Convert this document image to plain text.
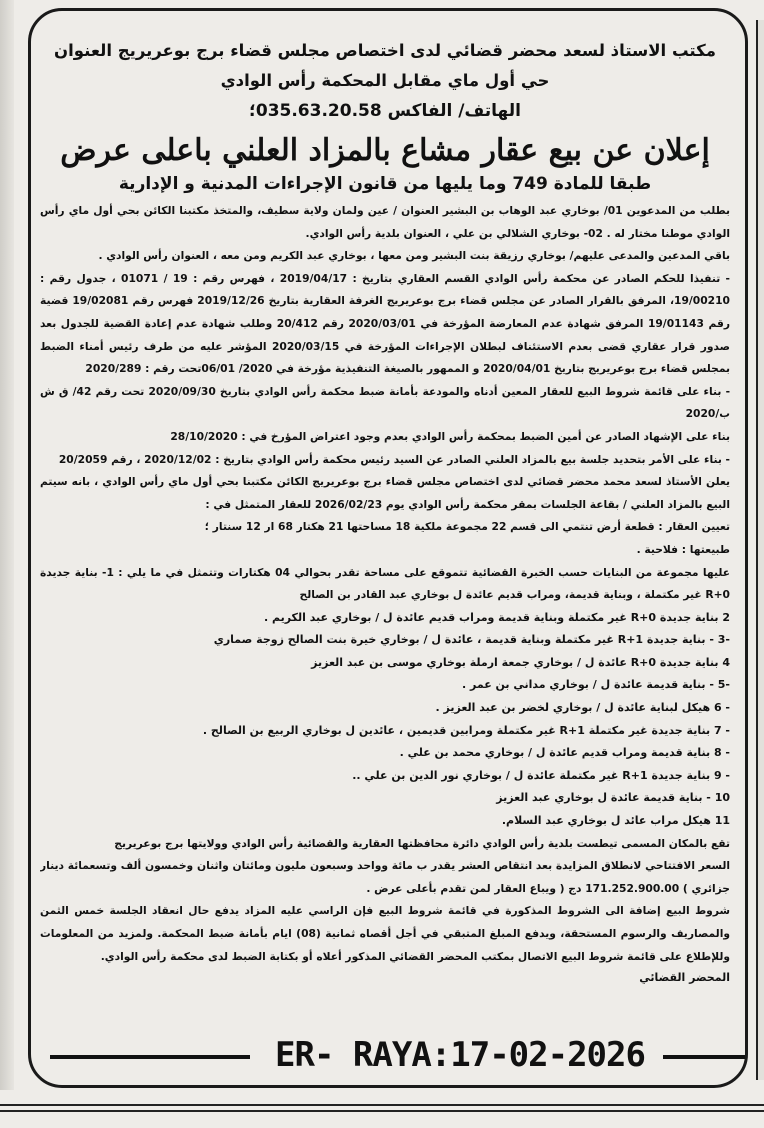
مكتب الاستاذ لسعد محضر قضائي لدى اختصاص مجلس قضاء برج بوعريريج العنوان
حي أول ماي مقابل المحكمة رأس الوادي
الهاتف/ الفاكس 035.63.20.58؛
إعلان عن بيع عقار مشاع بالمزاد العلني باعلى عرض
طبقا للمادة 749 وما يليها من قانون الإجراءات المدنية و الإدارية

بطلب من المدعوين 01/ بوخاري عبد الوهاب بن البشير العنوان / عين ولمان ولاية سطيف، والمتخذ مكتبنا الكائن بحي أول ماي رأس الوادي موطنا مختار له . 02- بوخاري الشلالي بن علي ، العنوان بلدية رأس الوادي.

باقي المدعين والمدعى عليهم/ بوخاري رزيقة بنت البشير ومن معها ، بوخاري عبد الكريم ومن معه ، العنوان رأس الوادي .

- تنفيذا للحكم الصادر عن محكمة رأس الوادي القسم العقاري بتاريخ : 2019/04/17 ، فهرس رقم : 19 / 01071 ، جدول رقم : 19/00210، المرفق بالقرار الصادر عن مجلس قضاء برج بوعريريج الغرفة العقارية بتاريخ 2019/12/26 فهرس رقم 19/02081 قضية رقم 19/01143 المرفق شهادة عدم المعارضة المؤرخة في 2020/03/01 رقم 20/412 وطلب شهادة عدم إعادة القضية للجدول بعد صدور قرار عقاري قضى بعدم الاستئناف لبطلان الإجراءات المؤرخة في 2020/03/15 المؤشر عليه من طرف رئيس أمناء الضبط بمجلس قضاء برج بوعريريج بتاريخ 2020/04/01 و الممهور بالصيغة التنفيذية مؤرخة في 2020/ 06/01تحت رقم : 2020/289

- بناء على قائمة شروط البيع للعقار المعين أدناه والمودعة بأمانة ضبط محكمة رأس الوادي بتاريخ 2020/09/30 تحت رقم 42/ ق ش ب/2020

بناء على الإشهاد الصادر عن أمين الضبط بمحكمة رأس الوادي بعدم وجود اعتراض المؤرخ في : 28/10/2020

- بناء على الأمر بتحديد جلسة بيع بالمزاد العلني الصادر عن السيد رئيس محكمة رأس الوادي بتاريخ : 2020/12/02 ، رقم 20/2059

يعلن الأستاذ لسعد محمد محضر قضائي لدى اختصاص مجلس قضاء برج بوعريريج الكائن مكتبنا بحي أول ماي رأس الوادي ، بانه سيتم البيع بالمزاد العلني / بقاعة الجلسات بمقر محكمة رأس الوادي يوم 2026/02/23 للعقار المتمثل في :

تعيين العقار : قطعة أرض تنتمي الى قسم 22 مجموعة ملكية 18 مساحتها 21 هكتار 68 ار 12 سنتار ؛

طبيعتها : فلاحية .

عليها مجموعة من البنايات حسب الخبرة القضائية تتموقع على مساحة تقدر بحوالي 04 هكتارات وتتمثل في ما يلي : 1- بناية جديدة R+0 غير مكتملة ، وبناية قديمة، ومراب قديم عائدة ل بوخاري عبد القادر بن الصالح

2 بناية جديدة R+0 غير مكتملة وبناية قديمة ومراب قديم عائدة ل / بوخاري عبد الكريم .

-3 - بناية جديدة R+1 غير مكتملة وبناية قديمة ، عائدة ل / بوخاري خيرة بنت الصالح زوجة صماري

4 بناية جديدة R+0 عائدة ل / بوخاري جمعة ارملة بوخاري موسى بن عبد العزيز

-5 - بناية قديمة عائدة ل / بوخاري مداني بن عمر .

- 6 هيكل لبناية عائدة ل / بوخاري لخضر بن عبد العزيز .

- 7 بناية جديدة غير مكتملة R+1 غير مكتملة ومرابين قديمين ، عائدين ل بوخاري الربيع بن الصالح .

- 8 بناية قديمة ومراب قديم عائدة ل / بوخاري محمد بن علي .

- 9 بناية جديدة R+1 غير مكتملة عائدة ل / بوخاري نور الدين بن علي ..

10 - بناية قديمة عائدة ل بوخاري عبد العزيز

11 هيكل مراب عائد ل بوخاري عبد السلام.

تقع بالمكان المسمى تيطست بلدية رأس الوادي دائرة محافظتها العقارية والقضائية رأس الوادي وولايتها برج بوعريريج

السعر الافتتاحي لانطلاق المزايدة بعد انتقاص العشر يقدر ب مائة وواحد وسبعون مليون ومائتان واثنان وخمسون ألف وتسعمائة دينار جزائري ) 171.252.900.00 دج ( ويباع العقار لمن تقدم بأعلى عرض .

شروط البيع إضافة الى الشروط المذكورة في قائمة شروط البيع فإن الراسي عليه المزاد يدفع حال انعقاد الجلسة خمس الثمن والمصاريف والرسوم المستحقة، ويدفع المبلغ المتبقي في أجل أقصاه ثمانية (08) ايام بأمانة ضبط المحكمة. ولمزيد من المعلومات وللإطلاع على قائمة شروط البيع الاتصال بمكتب المحضر القضائي المذكور أعلاه أو بكتابة الضبط لدى محكمة رأس الوادي.

المحضر القضائي
ER- RAYA:17-02-2026
